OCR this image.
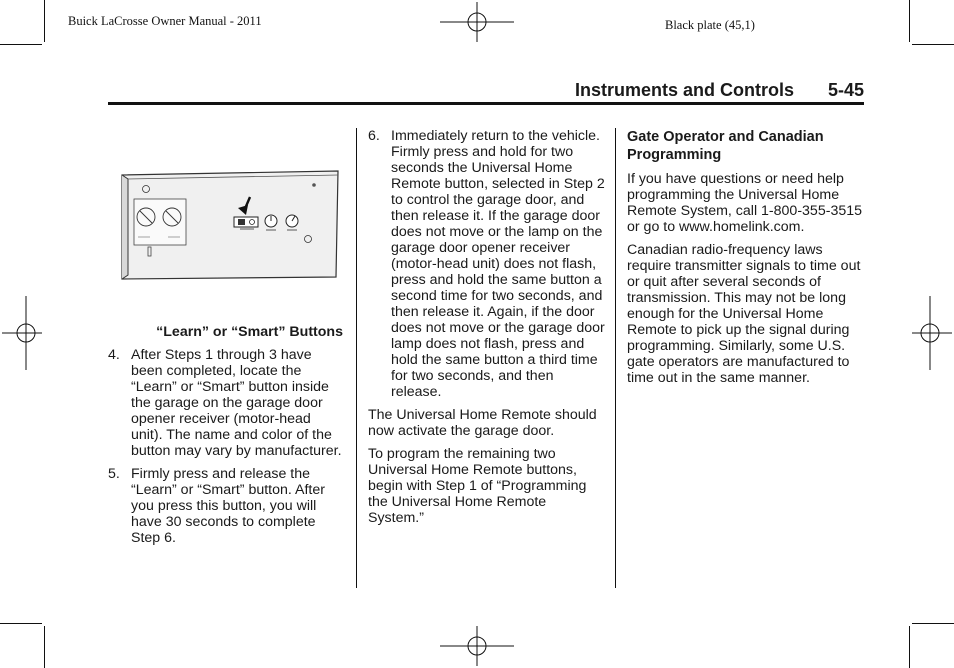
Buick LaCrosse Owner Manual - 2011	Black plate (45,1)
Instruments and Controls 5-45

“Learn” or “Smart” Buttons

4. After Steps 1 through 3 have been completed, locate the “Learn” or “Smart” button inside the garage on the garage door opener receiver (motor-head unit). The name and color of the button may vary by manufacturer.
5. Firmly press and release the “Learn” or “Smart” button. After you press this button, you will have 30 seconds to complete Step 6.
6. Immediately return to the vehicle. Firmly press and hold for two seconds the Universal Home Remote button, selected in Step 2 to control the garage door, and then release it. If the garage door does not move or the lamp on the garage door opener receiver (motor-head unit) does not flash, press and hold the same button a second time for two seconds, and then release it. Again, if the door does not move or the garage door lamp does not flash, press and hold the same button a third time for two seconds, and then release.

The Universal Home Remote should now activate the garage door.

To program the remaining two Universal Home Remote buttons, begin with Step 1 of “Programming the Universal Home Remote System.”

Gate Operator and Canadian Programming

If you have questions or need help programming the Universal Home Remote System, call 1-800-355-3515 or go to www.homelink.com.

Canadian radio-frequency laws require transmitter signals to time out or quit after several seconds of transmission. This may not be long enough for the Universal Home Remote to pick up the signal during programming. Similarly, some U.S. gate operators are manufactured to time out in the same manner.
